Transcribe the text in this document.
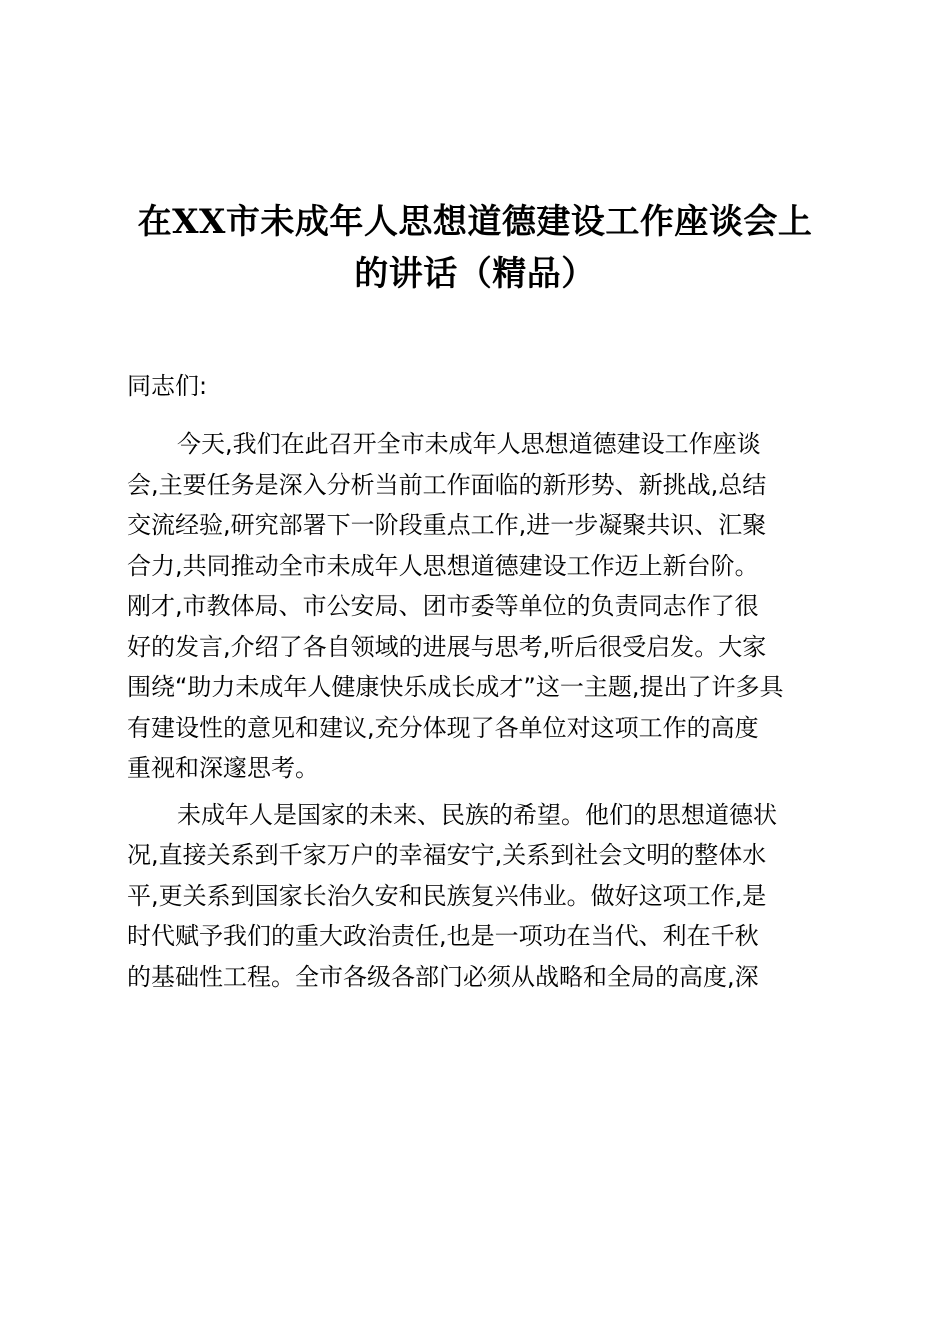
在XX市未成年人思想道德建设工作座谈会上
的讲话（精品）

同志们:

今天,我们在此召开全市未成年人思想道德建设工作座谈
会,主要任务是深入分析当前工作面临的新形势、新挑战,总结
交流经验,研究部署下一阶段重点工作,进一步凝聚共识、汇聚
合力,共同推动全市未成年人思想道德建设工作迈上新台阶。
刚才,市教体局、市公安局、团市委等单位的负责同志作了很
好的发言,介绍了各自领域的进展与思考,听后很受启发。大家
围绕“助力未成年人健康快乐成长成才”这一主题,提出了许多具
有建设性的意见和建议,充分体现了各单位对这项工作的高度
重视和深邃思考。
未成年人是国家的未来、民族的希望。他们的思想道德状
况,直接关系到千家万户的幸福安宁,关系到社会文明的整体水
平,更关系到国家长治久安和民族复兴伟业。做好这项工作,是
时代赋予我们的重大政治责任,也是一项功在当代、利在千秋
的基础性工程。全市各级各部门必须从战略和全局的高度,深
